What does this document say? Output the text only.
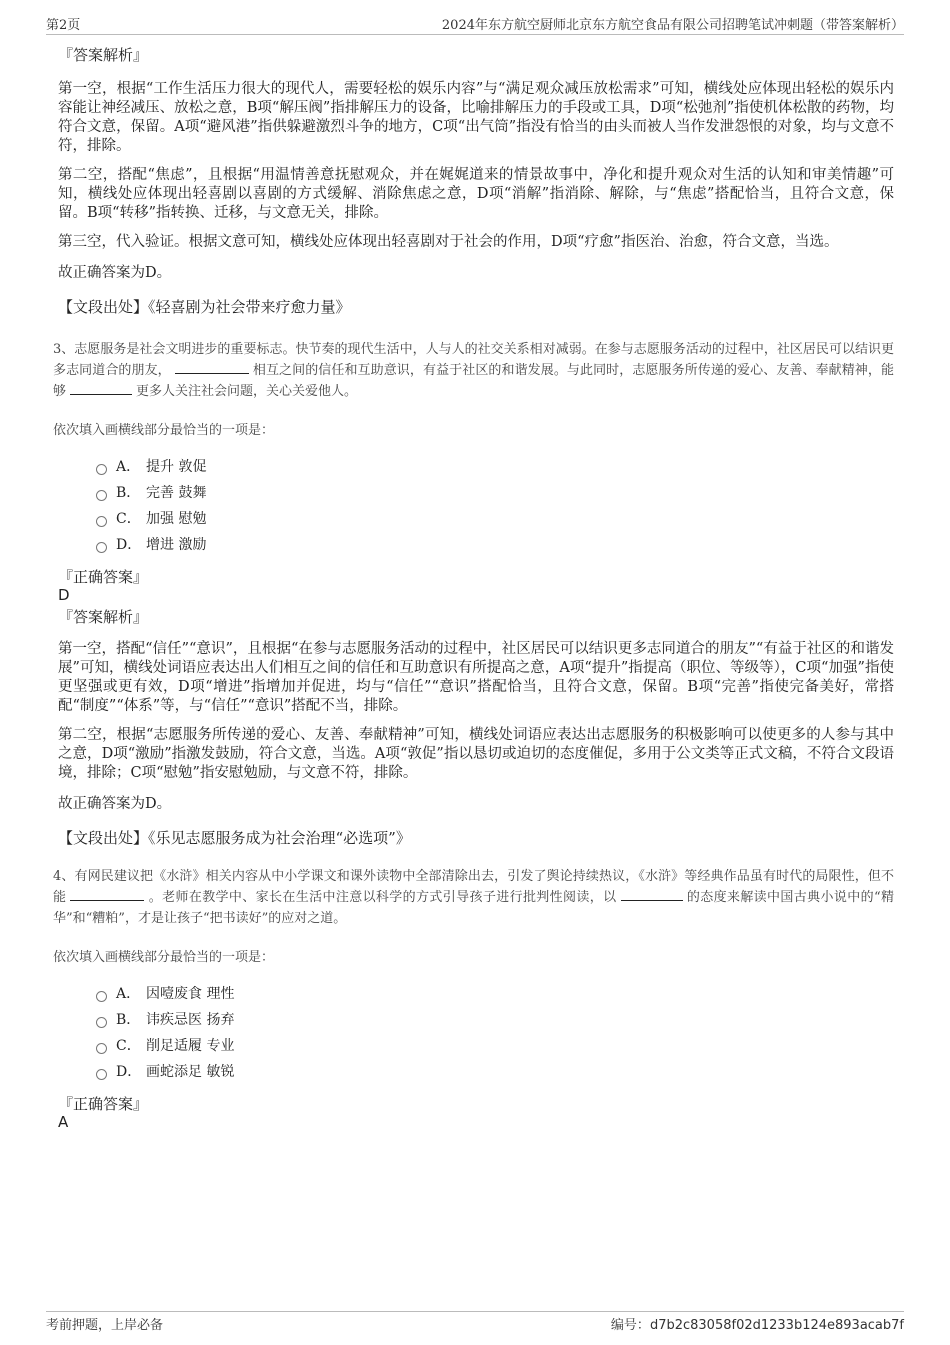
第2页	2024年东方航空厨师北京东方航空食品有限公司招聘笔试冲刺题（带答案解析）

『答案解析』

第一空，根据“工作生活压力很大的现代人，需要轻松的娱乐内容”与“满足观众减压放松需求”可知，横线处应体现出轻松的娱乐内容能让神经减压、放松之意，B项“解压阀”指排解压力的设备，比喻排解压力的手段或工具，D项“松弛剂”指使机体松散的药物，均符合文意，保留。A项“避风港”指供躲避激烈斗争的地方，C项“出气筒”指没有恰当的由头而被人当作发泄怨恨的对象，均与文意不符，排除。

第二空，搭配“焦虑”，且根据“用温情善意抚慰观众，并在娓娓道来的情景故事中，净化和提升观众对生活的认知和审美情趣”可知，横线处应体现出轻喜剧以喜剧的方式缓解、消除焦虑之意，D项“消解”指消除、解除，与“焦虑”搭配恰当，且符合文意，保留。B项“转移”指转换、迁移，与文意无关，排除。

第三空，代入验证。根据文意可知，横线处应体现出轻喜剧对于社会的作用，D项“疗愈”指医治、治愈，符合文意，当选。

故正确答案为D。

【文段出处】《轻喜剧为社会带来疗愈力量》

3、志愿服务是社会文明进步的重要标志。快节奏的现代生活中，人与人的社交关系相对减弱。在参与志愿服务活动的过程中，社区居民可以结识更多志同道合的朋友，	相互之间的信任和互助意识，有益于社区的和谐发展。与此同时，志愿服务所传递的爱心、友善、奉献精神，能够	更多人关注社会问题，关心关爱他人。

依次填入画横线部分最恰当的一项是：

A． 提升 敦促
B． 完善 鼓舞
C． 加强 慰勉
D． 增进 激励

『正确答案』

D

『答案解析』

第一空，搭配“信任”“意识”，且根据“在参与志愿服务活动的过程中，社区居民可以结识更多志同道合的朋友”“有益于社区的和谐发展”可知，横线处词语应表达出人们相互之间的信任和互助意识有所提高之意，A项“提升”指提高（职位、等级等），C项“加强”指使更坚强或更有效，D项“增进”指增加并促进，均与“信任”“意识”搭配恰当，且符合文意，保留。B项“完善”指使完备美好，常搭配“制度”“体系”等，与“信任”“意识”搭配不当，排除。

第二空，根据“志愿服务所传递的爱心、友善、奉献精神”可知，横线处词语应表达出志愿服务的积极影响可以使更多的人参与其中之意，D项“激励”指激发鼓励，符合文意，当选。A项“敦促”指以恳切或迫切的态度催促，多用于公文类等正式文稿，不符合文段语境，排除；C项“慰勉”指安慰勉励，与文意不符，排除。

故正确答案为D。

【文段出处】《乐见志愿服务成为社会治理“必选项”》

4、有网民建议把《水浒》相关内容从中小学课文和课外读物中全部清除出去，引发了舆论持续热议，《水浒》等经典作品虽有时代的局限性，但不能	。老师在教学中、家长在生活中注意以科学的方式引导孩子进行批判性阅读，以	的态度来解读中国古典小说中的“精华”和“糟粕”，才是让孩子“把书读好”的应对之道。

依次填入画横线部分最恰当的一项是：

A． 因噎废食 理性
B． 讳疾忌医 扬弃
C． 削足适履 专业
D． 画蛇添足 敏锐

『正确答案』

A

考前押题，上岸必备	编号：d7b2c83058f02d1233b124e893acab7f
